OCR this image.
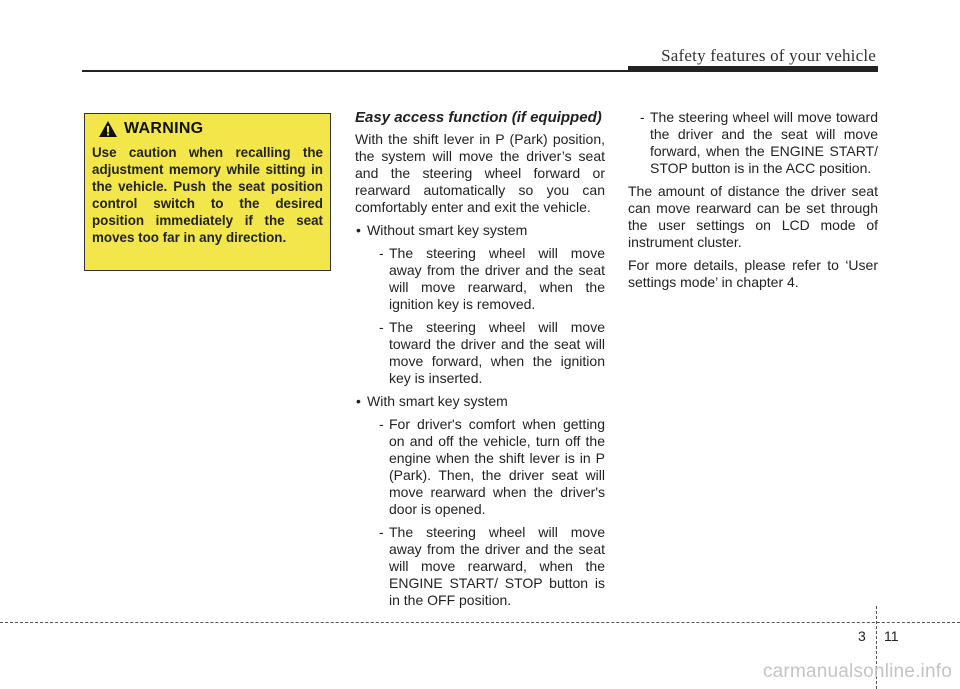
Safety features of your vehicle
WARNING
Use caution when recalling the adjustment memory while sitting in the vehicle. Push the seat position control switch to the desired position immediately if the seat moves too far in any direction.

Easy access function (if equipped)

With the shift lever in P (Park) position, the system will move the driver’s seat and the steering wheel forward or rearward automatically so you can comfortably enter and exit the vehicle.

• Without smart key system

- The steering wheel will move away from the driver and the seat will move rearward, when the ignition key is removed.

- The steering wheel will move toward the driver and the seat will move forward, when the ignition key is inserted.

• With smart key system

- For driver's comfort when getting on and off the vehicle, turn off the engine when the shift lever is in P (Park). Then, the driver seat will move rearward when the driver's door is opened.

- The steering wheel will move away from the driver and the seat will move rearward, when the ENGINE START/ STOP button is in the OFF position.

- The steering wheel will move toward the driver and the seat will move forward, when the ENGINE START/ STOP button is in the ACC position.

The amount of distance the driver seat can move rearward can be set through the user settings on LCD mode of instrument cluster.

For more details, please refer to ‘User settings mode’ in chapter 4.

3 11
carmanualsonline.info
